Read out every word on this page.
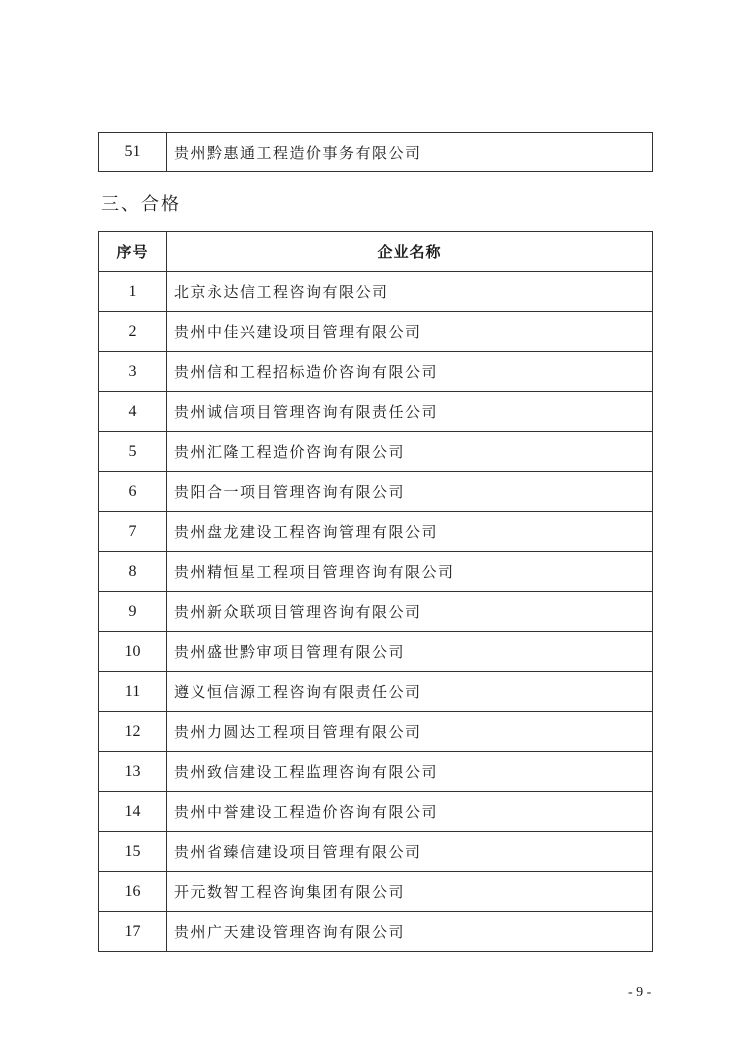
51	贵州黔惠通工程造价事务有限公司
三、合格
序号	企业名称
1	北京永达信工程咨询有限公司
2	贵州中佳兴建设项目管理有限公司
3	贵州信和工程招标造价咨询有限公司
4	贵州诚信项目管理咨询有限责任公司
5	贵州汇隆工程造价咨询有限公司
6	贵阳合一项目管理咨询有限公司
7	贵州盘龙建设工程咨询管理有限公司
8	贵州精恒星工程项目管理咨询有限公司
9	贵州新众联项目管理咨询有限公司
10	贵州盛世黔审项目管理有限公司
11	遵义恒信源工程咨询有限责任公司
12	贵州力圆达工程项目管理有限公司
13	贵州致信建设工程监理咨询有限公司
14	贵州中誉建设工程造价咨询有限公司
15	贵州省臻信建设项目管理有限公司
16	开元数智工程咨询集团有限公司
17	贵州广天建设管理咨询有限公司
- 9 -
